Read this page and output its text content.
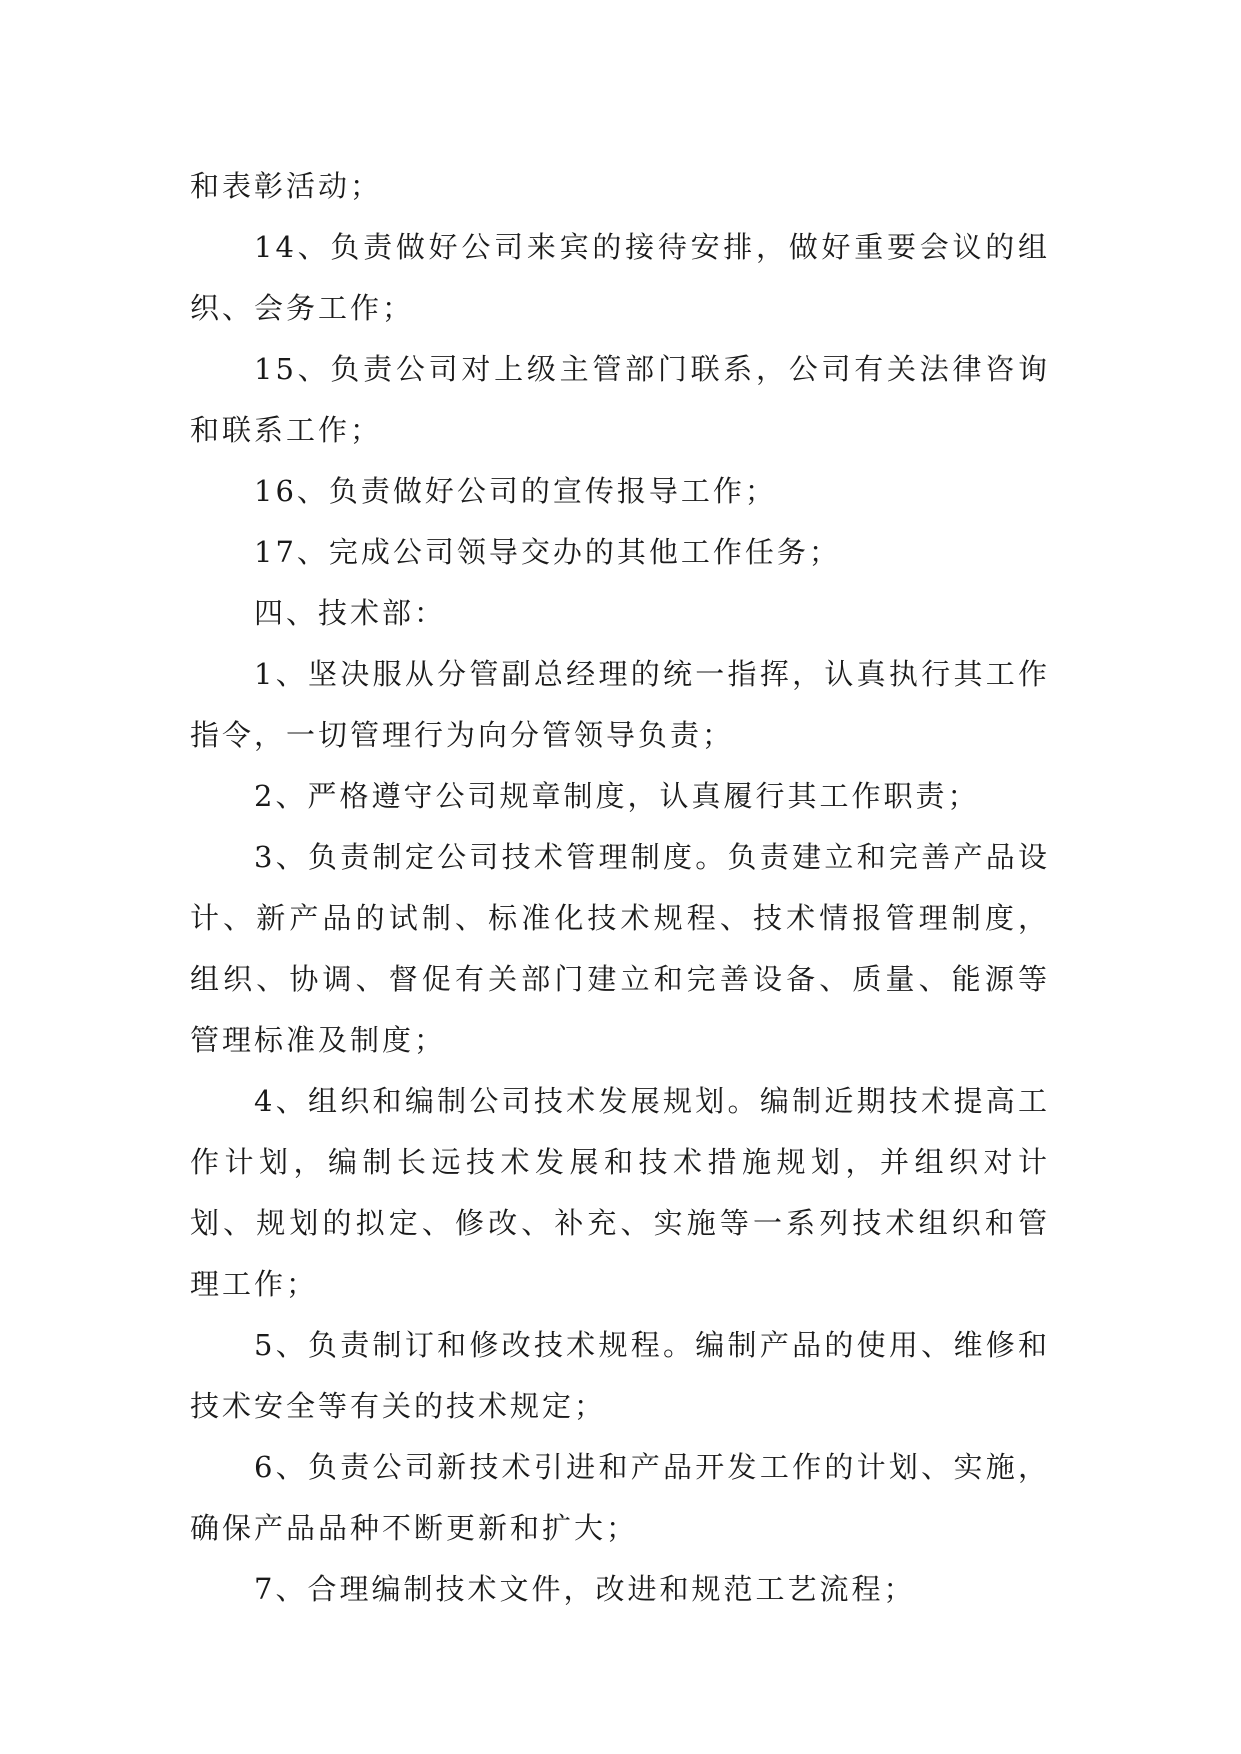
和表彰活动；

14、负责做好公司来宾的接待安排，做好重要会议的组织、会务工作；

15、负责公司对上级主管部门联系，公司有关法律咨询和联系工作；

16、负责做好公司的宣传报导工作；

17、完成公司领导交办的其他工作任务；

四、技术部：

1、坚决服从分管副总经理的统一指挥，认真执行其工作指令，一切管理行为向分管领导负责；

2、严格遵守公司规章制度，认真履行其工作职责；

3、负责制定公司技术管理制度。负责建立和完善产品设计、新产品的试制、标准化技术规程、技术情报管理制度，组织、协调、督促有关部门建立和完善设备、质量、能源等管理标准及制度；

4、组织和编制公司技术发展规划。编制近期技术提高工作计划，编制长远技术发展和技术措施规划，并组织对计划、规划的拟定、修改、补充、实施等一系列技术组织和管理工作；

5、负责制订和修改技术规程。编制产品的使用、维修和技术安全等有关的技术规定；

6、负责公司新技术引进和产品开发工作的计划、实施，确保产品品种不断更新和扩大；

7、合理编制技术文件，改进和规范工艺流程；
